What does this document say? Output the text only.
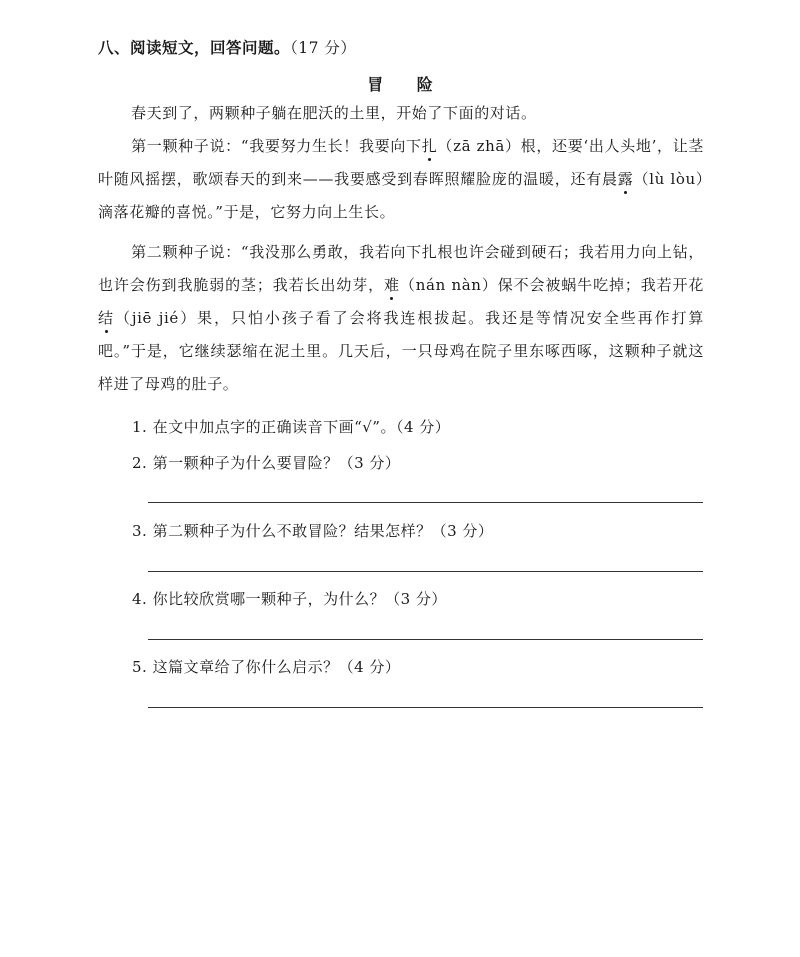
八、阅读短文，回答问题。（17 分）
冒 险
春天到了，两颗种子躺在肥沃的土里，开始了下面的对话。
第一颗种子说：“我要努力生长！我要向下扎（zā zhā）根，还要‘出人头地’，让茎叶随风摇摆，歌颂春天的到来——我要感受到春晖照耀脸庞的温暖，还有晨露（lù lòu）滴落花瓣的喜悦。”于是，它努力向上生长。
第二颗种子说：“我没那么勇敢，我若向下扎根也许会碰到硬石；我若用力向上钻，也许会伤到我脆弱的茎；我若长出幼芽，难（nán nàn）保不会被蜗牛吃掉；我若开花结（jiē jié）果，只怕小孩子看了会将我连根拔起。我还是等情况安全些再作打算吧。”于是，它继续瑟缩在泥土里。几天后，一只母鸡在院子里东啄西啄，这颗种子就这样进了母鸡的肚子。
1. 在文中加点字的正确读音下画“√”。（4 分）
2. 第一颗种子为什么要冒险？（3 分）
3. 第二颗种子为什么不敢冒险？结果怎样？（3 分）
4. 你比较欣赏哪一颗种子，为什么？（3 分）
5. 这篇文章给了你什么启示？（4 分）
